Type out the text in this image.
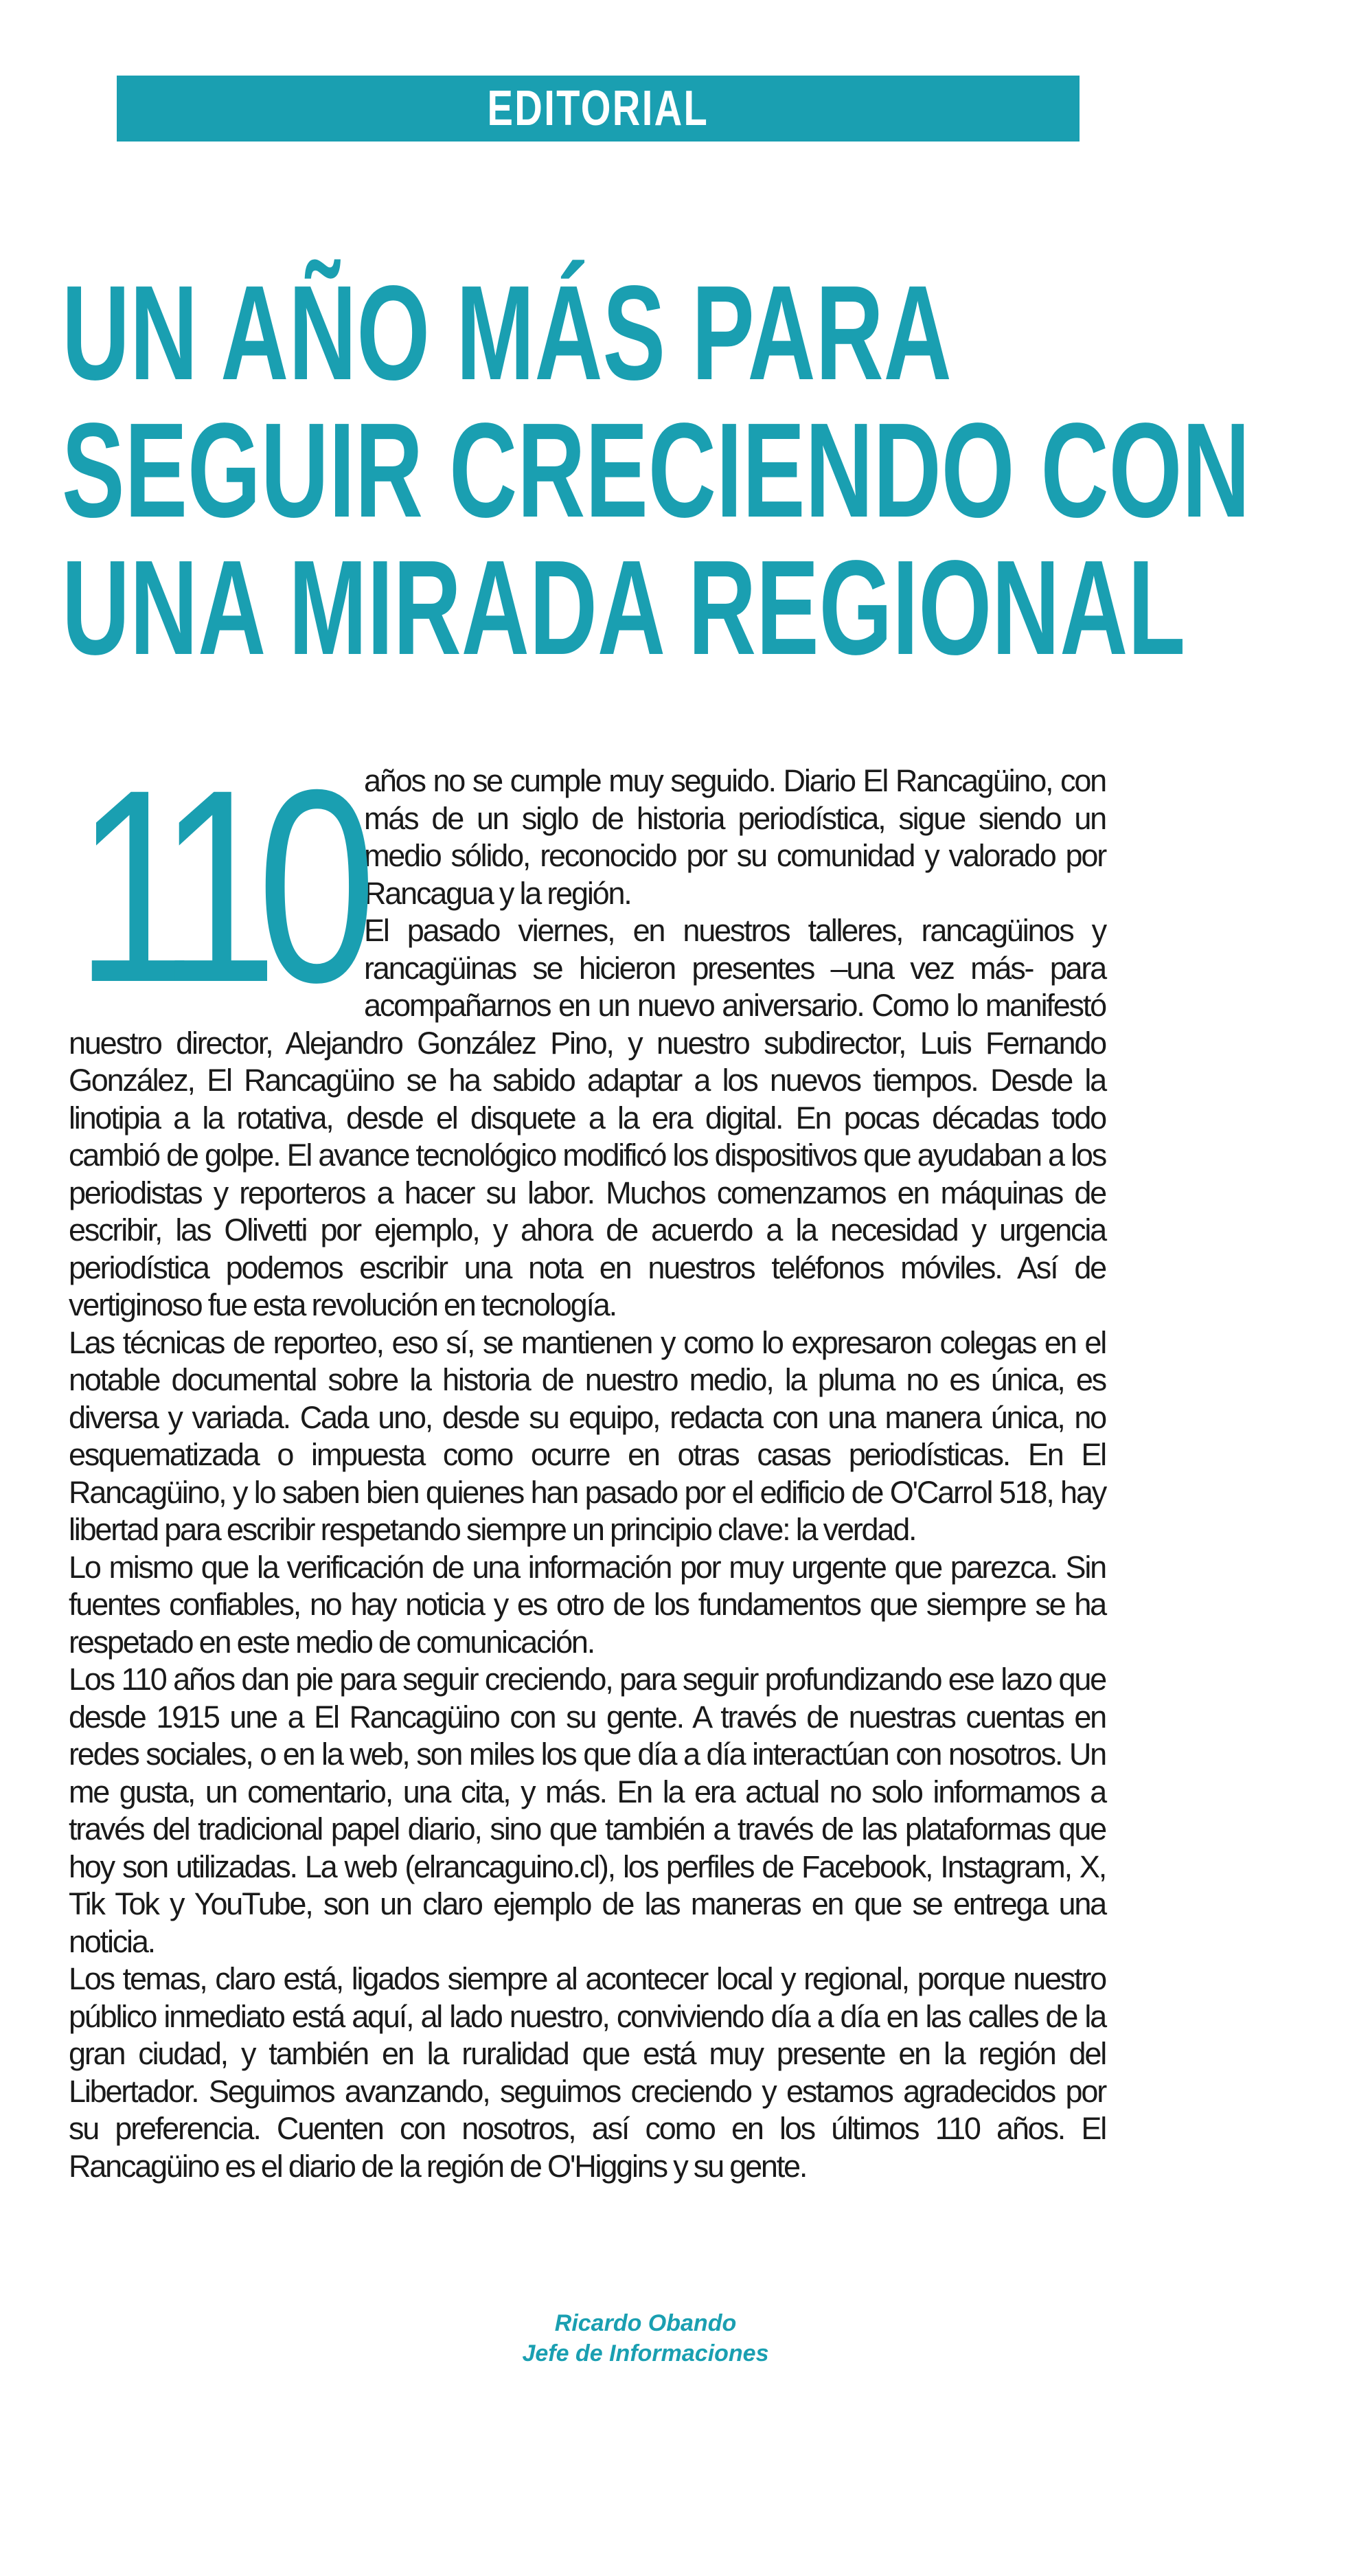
EDITORIAL
UN AÑO MÁS PARA
SEGUIR CRECIENDO CON
UNA MIRADA REGIONAL
110 años no se cumple muy seguido. Diario El Rancagüino, con más de un siglo de historia periodística, sigue siendo un medio sólido, reconocido por su comunidad y valorado por Rancagua y la región.

El pasado viernes, en nuestros talleres, rancagüinos y rancagüinas se hicieron presentes –una vez más- para acompañarnos en un nuevo aniversario. Como lo manifestó nuestro director, Alejandro González Pino, y nuestro subdirector, Luis Fernando González, El Rancagüino se ha sabido adaptar a los nuevos tiempos. Desde la linotipia a la rotativa, desde el disquete a la era digital. En pocas décadas todo cambió de golpe. El avance tecnológico modificó los dispositivos que ayudaban a los periodistas y reporteros a hacer su labor. Muchos comenzamos en máquinas de escribir, las Olivetti por ejemplo, y ahora de acuerdo a la necesidad y urgencia periodística podemos escribir una nota en nuestros teléfonos móviles. Así de vertiginoso fue esta revolución en tecnología.

Las técnicas de reporteo, eso sí, se mantienen y como lo expresaron colegas en el notable documental sobre la historia de nuestro medio, la pluma no es única, es diversa y variada. Cada uno, desde su equipo, redacta con una manera única, no esquematizada o impuesta como ocurre en otras casas periodísticas. En El Rancagüino, y lo saben bien quienes han pasado por el edificio de O'Carrol 518, hay libertad para escribir respetando siempre un principio clave: la verdad.

Lo mismo que la verificación de una información por muy urgente que parezca. Sin fuentes confiables, no hay noticia y es otro de los fundamentos que siempre se ha respetado en este medio de comunicación.

Los 110 años dan pie para seguir creciendo, para seguir profundizando ese lazo que desde 1915 une a El Rancagüino con su gente. A través de nuestras cuentas en redes sociales, o en la web, son miles los que día a día interactúan con nosotros. Un me gusta, un comentario, una cita, y más. En la era actual no solo informamos a través del tradicional papel diario, sino que también a través de las plataformas que hoy son utilizadas. La web (elrancaguino.cl), los perfiles de Facebook, Instagram, X, Tik Tok y YouTube, son un claro ejemplo de las maneras en que se entrega una noticia.

Los temas, claro está, ligados siempre al acontecer local y regional, porque nuestro público inmediato está aquí, al lado nuestro, conviviendo día a día en las calles de la gran ciudad, y también en la ruralidad que está muy presente en la región del Libertador. Seguimos avanzando, seguimos creciendo y estamos agradecidos por su preferencia. Cuenten con nosotros, así como en los últimos 110 años. El Rancagüino es el diario de la región de O'Higgins y su gente.

Ricardo Obando
Jefe de Informaciones
